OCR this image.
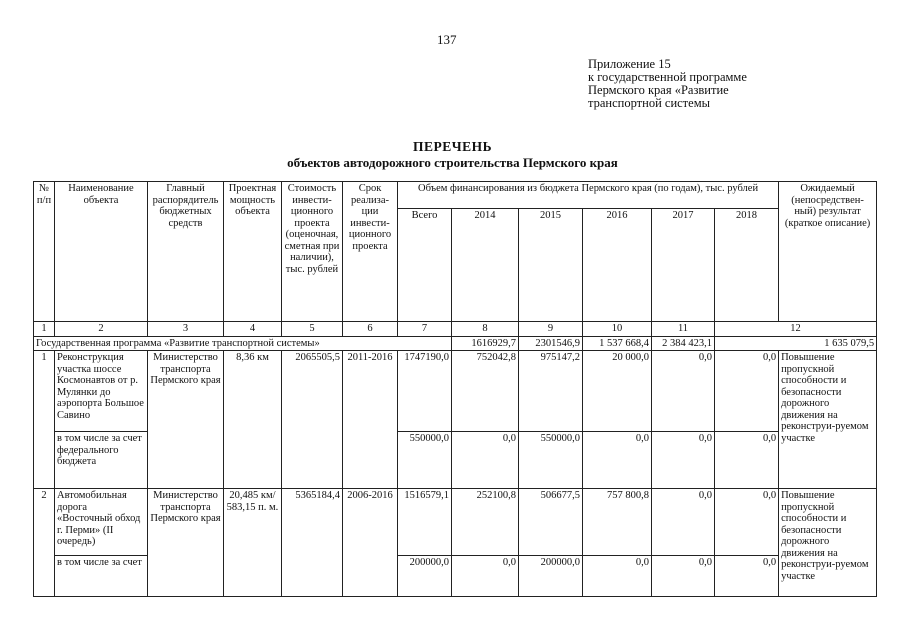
137
Приложение 15
к государственной программе
Пермского края «Развитие
транспортной системы
ПЕРЕЧЕНЬ
объектов автодорожного строительства Пермского края
№ п/п	Наименование объекта	Главный распорядитель бюджетных средств	Проектная мощность объекта	Стоимость инвести-ционного проекта (оценочная, сметная при наличии), тыс. рублей	Срок реализа-ции инвести-ционного проекта	Объем финансирования из бюджета Пермского края (по годам), тыс. рублей						Ожидаемый (непосредствен-ный) результат (краткое описание)
						Всего	2014	2015	2016	2017	2018	
1	2	3	4	5	6	7	8	9	10	11	12	
Государственная программа «Развитие транспортной системы»							1616929,7	2301546,9	1 537 668,4	2 384 423,1	1 635 079,5	
1	Реконструкция участка шоссе Космонавтов от р. Мулянки до аэропорта Большое Савино	Министерство транспорта Пермского края	8,36 км	2065505,5	2011-2016	1747190,0	752042,8	975147,2	20 000,0	0,0	0,0	Повышение пропускной способности и безопасности дорожного движения на реконструи-руемом участке
	в том числе за счет федерального бюджета					550000,0	0,0	550000,0	0,0	0,0	0,0	
2	Автомобильная дорога «Восточный обход г. Перми» (II очередь)	Министерство транспорта Пермского края	20,485 км/ 583,15 п. м.	5365184,4	2006-2016	1516579,1	252100,8	506677,5	757 800,8	0,0	0,0	Повышение пропускной способности и безопасности дорожного движения на реконструи-руемом участке
	в том числе за счет					200000,0	0,0	200000,0	0,0	0,0	0,0	
